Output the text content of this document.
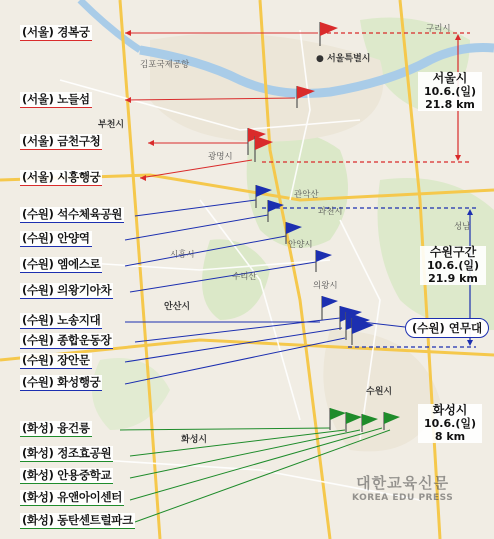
● 서울특별시
구리시
부천시
광명시
과천시
안양시
시흥시
의왕시
안산시
수원시
화성시
성남
관악산
김포국제공항
수리산
(서울) 경복궁
(서울) 노들섬
(서울) 금천구청
(서울) 시흥행궁
(수원) 석수체육공원
(수원) 안양역
(수원) 엠에스로
(수원) 의왕기아차
(수원) 노송지대
(수원) 종합운동장
(수원) 장안문
(수원) 화성행궁
(화성) 융건릉
(화성) 정조효공원
(화성) 안용중학교
(화성) 유앤아이센터
(화성) 동탄센트럴파크
(수원) 연무대
서울시
10.6.(일)
21.8 km
수원구간
10.6.(일)
21.9 km
화성시
10.6.(일)
8 km
대한교육신문
KOREA EDU PRESS
